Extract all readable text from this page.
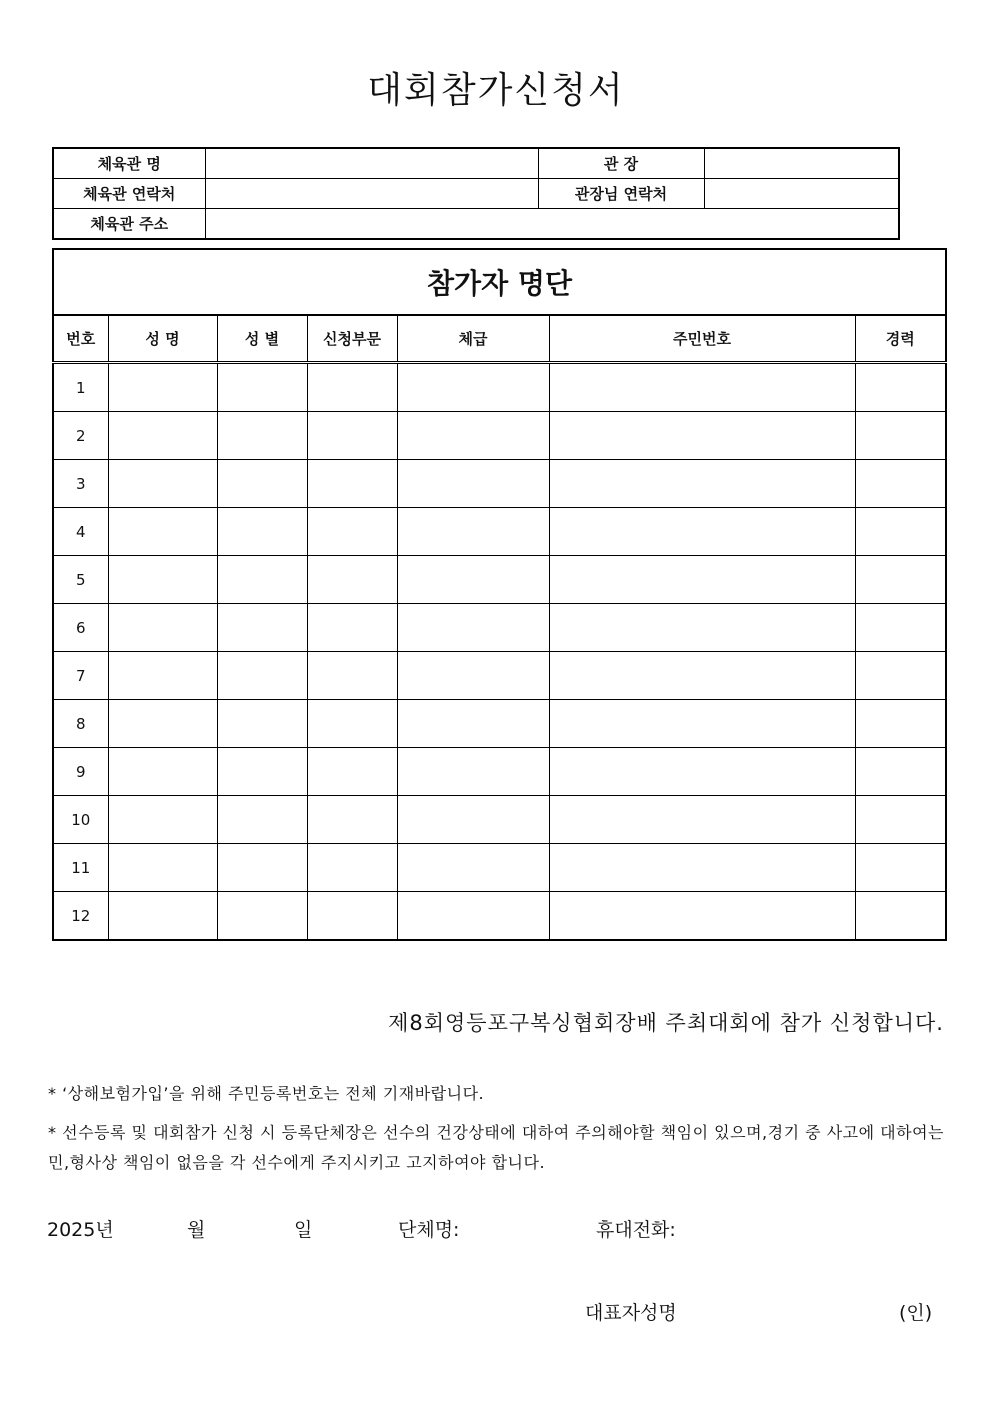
대회참가신청서
체육관 명		관 장	
체육관 연락처		관장님 연락처	
체육관 주소			
참가자 명단						
번호	성 명	성 별	신청부문	체급	주민번호	경력
1						
2						
3						
4						
5						
6						
7						
8						
9						
10						
11						
12						
제8회영등포구복싱협회장배 주최대회에 참가 신청합니다.
* ‘상해보험가입’을 위해 주민등록번호는 전체 기재바랍니다.
* 선수등록 및 대회참가 신청 시 등록단체장은 선수의 건강상태에 대하여 주의해야할 책임이 있으며,경기 중 사고에 대하여는 민,형사상 책임이 없음을 각 선수에게 주지시키고 고지하여야 합니다.
2025년	월	일	단체명:	휴대전화:
대표자성명	(인)
